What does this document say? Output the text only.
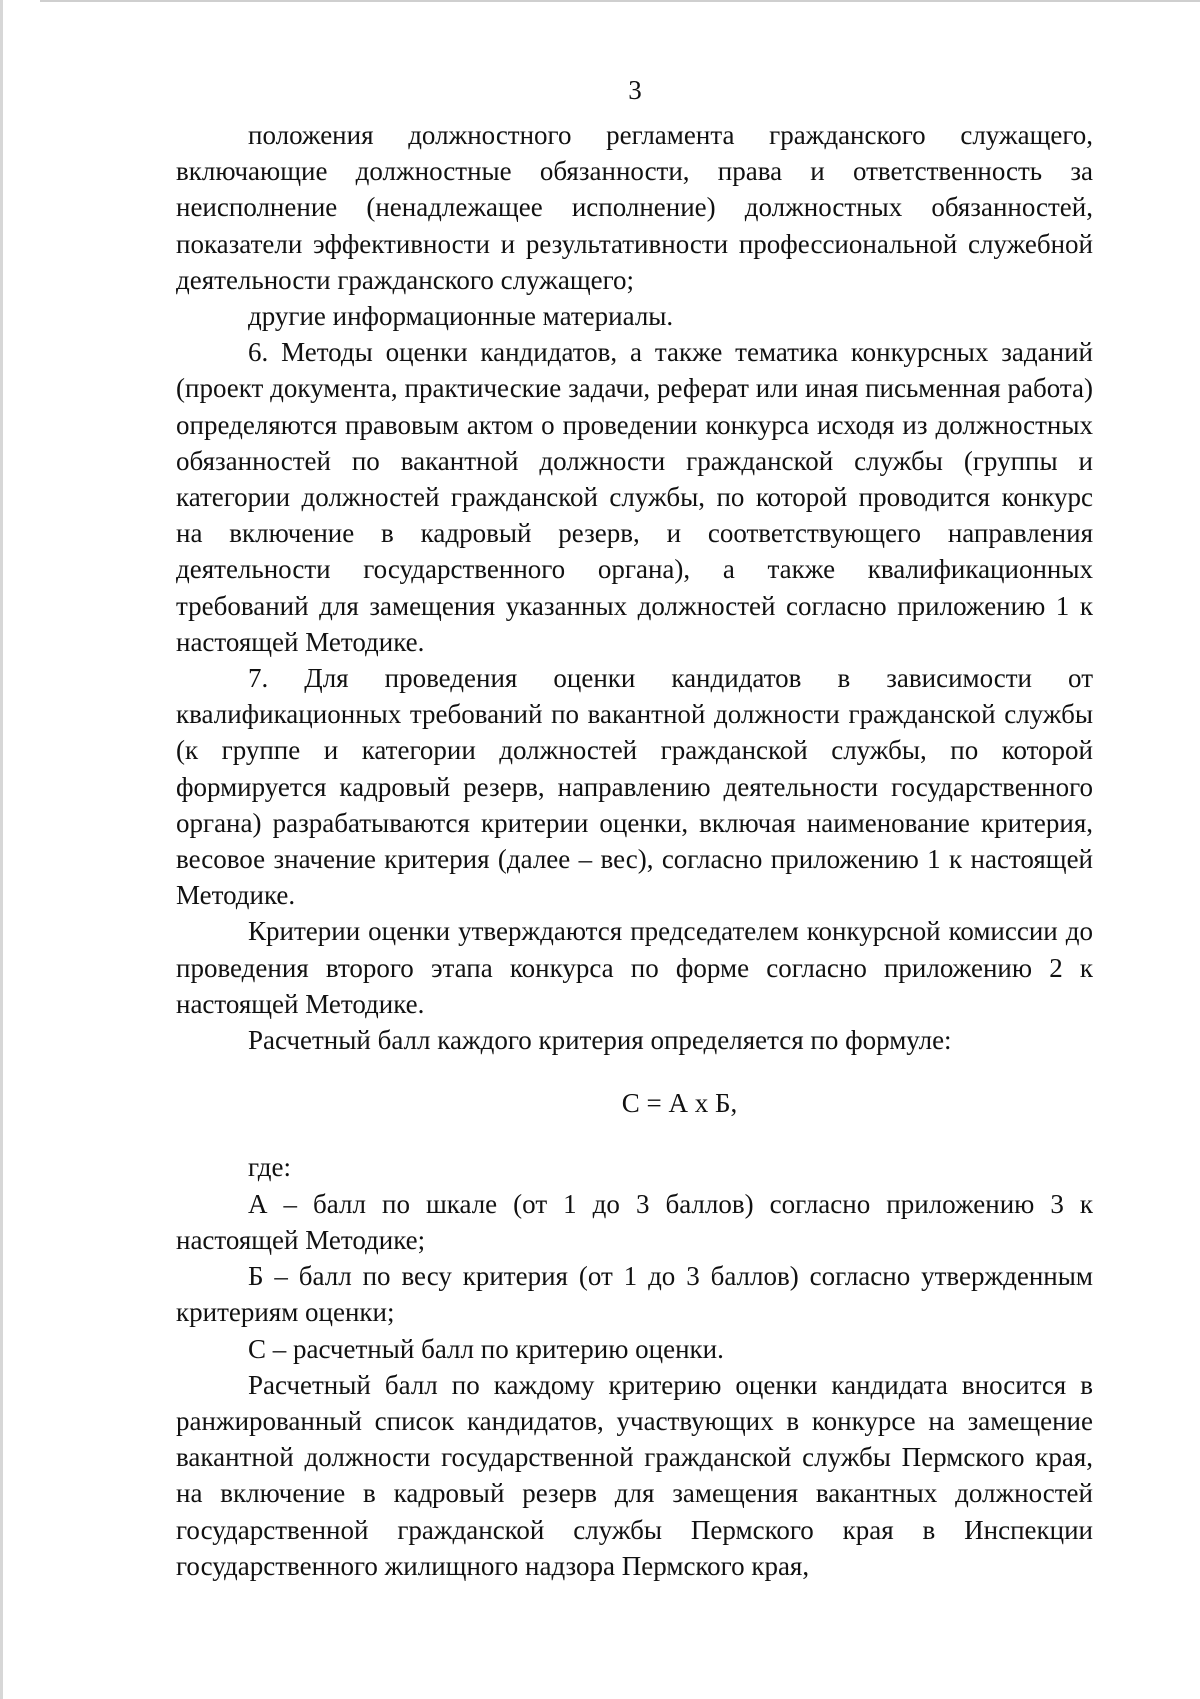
3

положения должностного регламента гражданского служащего, включающие должностные обязанности, права и ответственность за неисполнение (ненадлежащее исполнение) должностных обязанностей, показатели эффективности и результативности профессиональной служебной деятельности гражданского служащего;

другие информационные материалы.

6. Методы оценки кандидатов, а также тематика конкурсных заданий (проект документа, практические задачи, реферат или иная письменная работа) определяются правовым актом о проведении конкурса исходя из должностных обязанностей по вакантной должности гражданской службы (группы и категории должностей гражданской службы, по которой проводится конкурс на включение в кадровый резерв, и соответствующего направления деятельности государственного органа), а также квалификационных требований для замещения указанных должностей согласно приложению 1 к настоящей Методике.

7. Для проведения оценки кандидатов в зависимости от квалификационных требований по вакантной должности гражданской службы (к группе и категории должностей гражданской службы, по которой формируется кадровый резерв, направлению деятельности государственного органа) разрабатываются критерии оценки, включая наименование критерия, весовое значение критерия (далее – вес), согласно приложению 1 к настоящей Методике.

Критерии оценки утверждаются председателем конкурсной комиссии до проведения второго этапа конкурса по форме согласно приложению 2 к настоящей Методике.

Расчетный балл каждого критерия определяется по формуле:

С = А х Б,

где:

А – балл по шкале (от 1 до 3 баллов) согласно приложению 3 к настоящей Методике;

Б – балл по весу критерия (от 1 до 3 баллов) согласно утвержденным критериям оценки;

С – расчетный балл по критерию оценки.

Расчетный балл по каждому критерию оценки кандидата вносится в ранжированный список кандидатов, участвующих в конкурсе на замещение вакантной должности государственной гражданской службы Пермского края, на включение в кадровый резерв для замещения вакантных должностей государственной гражданской службы Пермского края в Инспекции государственного жилищного надзора Пермского края,
